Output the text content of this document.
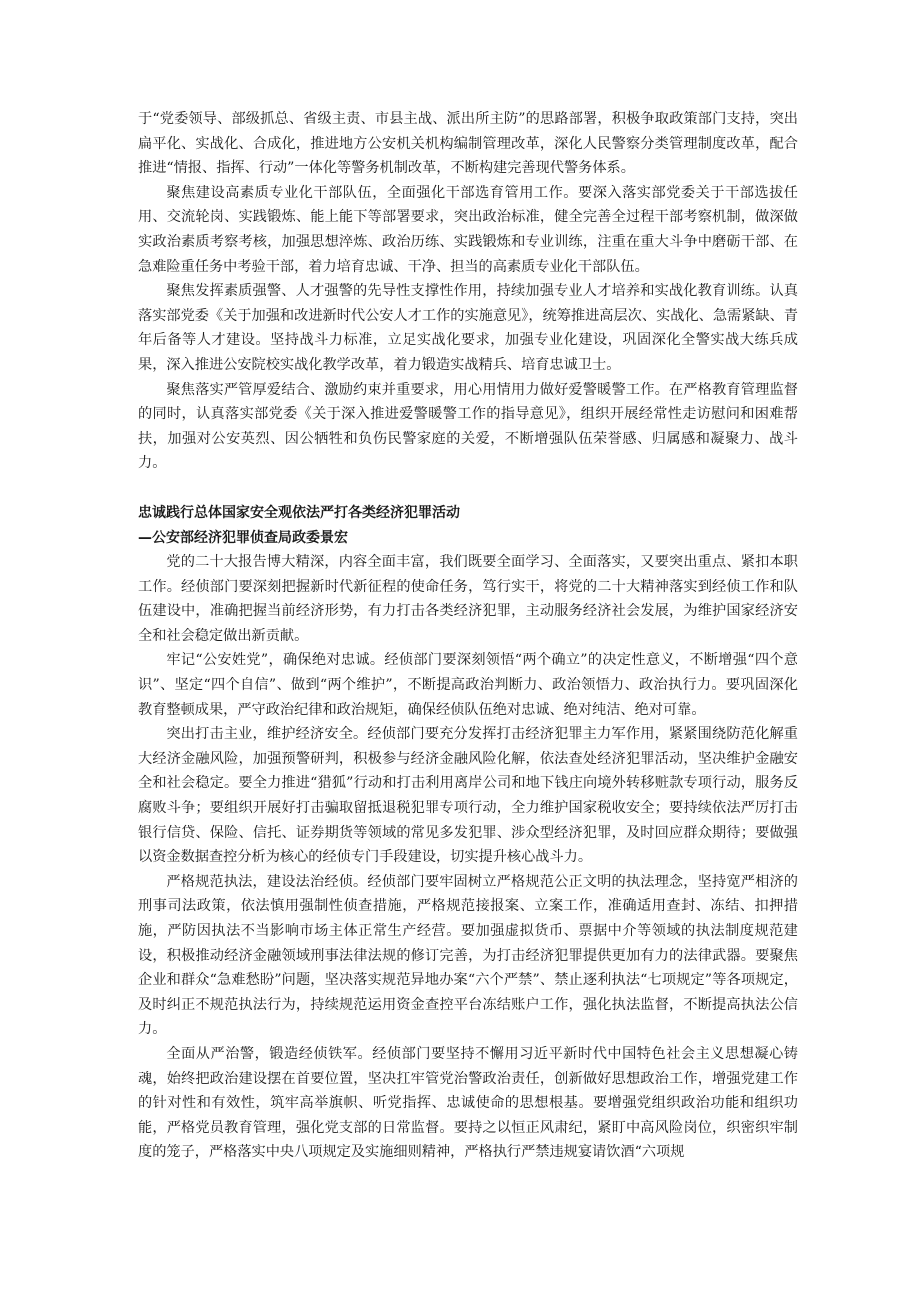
于“党委领导、部级抓总、省级主责、市县主战、派出所主防”的思路部署，积极争取政策部门支持，突出扁平化、实战化、合成化，推进地方公安机关机构编制管理改革，深化人民警察分类管理制度改革，配合推进“情报、指挥、行动”一体化等警务机制改革，不断构建完善现代警务体系。

聚焦建设高素质专业化干部队伍，全面强化干部选育管用工作。要深入落实部党委关于干部选拔任用、交流轮岗、实践锻炼、能上能下等部署要求，突出政治标准，健全完善全过程干部考察机制，做深做实政治素质考察考核，加强思想淬炼、政治历练、实践锻炼和专业训练，注重在重大斗争中磨砺干部、在急难险重任务中考验干部，着力培育忠诚、干净、担当的高素质专业化干部队伍。

聚焦发挥素质强警、人才强警的先导性支撑性作用，持续加强专业人才培养和实战化教育训练。认真落实部党委《关于加强和改进新时代公安人才工作的实施意见》，统筹推进高层次、实战化、急需紧缺、青年后备等人才建设。坚持战斗力标准，立足实战化要求，加强专业化建设，巩固深化全警实战大练兵成果，深入推进公安院校实战化教学改革，着力锻造实战精兵、培育忠诚卫士。

聚焦落实严管厚爱结合、激励约束并重要求，用心用情用力做好爱警暖警工作。在严格教育管理监督的同时，认真落实部党委《关于深入推进爱警暖警工作的指导意见》，组织开展经常性走访慰问和困难帮扶，加强对公安英烈、因公牺牲和负伤民警家庭的关爱，不断增强队伍荣誉感、归属感和凝聚力、战斗力。

忠诚践行总体国家安全观依法严打各类经济犯罪活动

—公安部经济犯罪侦查局政委景宏

党的二十大报告博大精深，内容全面丰富，我们既要全面学习、全面落实，又要突出重点、紧扣本职工作。经侦部门要深刻把握新时代新征程的使命任务，笃行实干，将党的二十大精神落实到经侦工作和队伍建设中，准确把握当前经济形势，有力打击各类经济犯罪，主动服务经济社会发展，为维护国家经济安全和社会稳定做出新贡献。

牢记“公安姓党”，确保绝对忠诚。经侦部门要深刻领悟“两个确立”的决定性意义，不断增强“四个意识”、坚定“四个自信”、做到“两个维护”，不断提高政治判断力、政治领悟力、政治执行力。要巩固深化教育整顿成果，严守政治纪律和政治规矩，确保经侦队伍绝对忠诚、绝对纯洁、绝对可靠。

突出打击主业，维护经济安全。经侦部门要充分发挥打击经济犯罪主力军作用，紧紧围绕防范化解重大经济金融风险，加强预警研判，积极参与经济金融风险化解，依法查处经济犯罪活动，坚决维护金融安全和社会稳定。要全力推进“猎狐”行动和打击利用离岸公司和地下钱庄向境外转移赃款专项行动，服务反腐败斗争；要组织开展好打击骗取留抵退税犯罪专项行动，全力维护国家税收安全；要持续依法严厉打击银行信贷、保险、信托、证券期货等领域的常见多发犯罪、涉众型经济犯罪，及时回应群众期待；要做强以资金数据查控分析为核心的经侦专门手段建设，切实提升核心战斗力。

严格规范执法，建设法治经侦。经侦部门要牢固树立严格规范公正文明的执法理念，坚持宽严相济的刑事司法政策，依法慎用强制性侦查措施，严格规范接报案、立案工作，准确适用查封、冻结、扣押措施，严防因执法不当影响市场主体正常生产经营。要加强虚拟货币、票据中介等领域的执法制度规范建设，积极推动经济金融领域刑事法律法规的修订完善，为打击经济犯罪提供更加有力的法律武器。要聚焦企业和群众“急难愁盼”问题，坚决落实规范异地办案“六个严禁”、禁止逐利执法“七项规定”等各项规定，及时纠正不规范执法行为，持续规范运用资金查控平台冻结账户工作，强化执法监督，不断提高执法公信力。

全面从严治警，锻造经侦铁军。经侦部门要坚持不懈用习近平新时代中国特色社会主义思想凝心铸魂，始终把政治建设摆在首要位置，坚决扛牢管党治警政治责任，创新做好思想政治工作，增强党建工作的针对性和有效性，筑牢高举旗帜、听党指挥、忠诚使命的思想根基。要增强党组织政治功能和组织功能，严格党员教育管理，强化党支部的日常监督。要持之以恒正风肃纪，紧盯中高风险岗位，织密织牢制度的笼子，严格落实中央八项规定及实施细则精神，严格执行严禁违规宴请饮酒“六项规
